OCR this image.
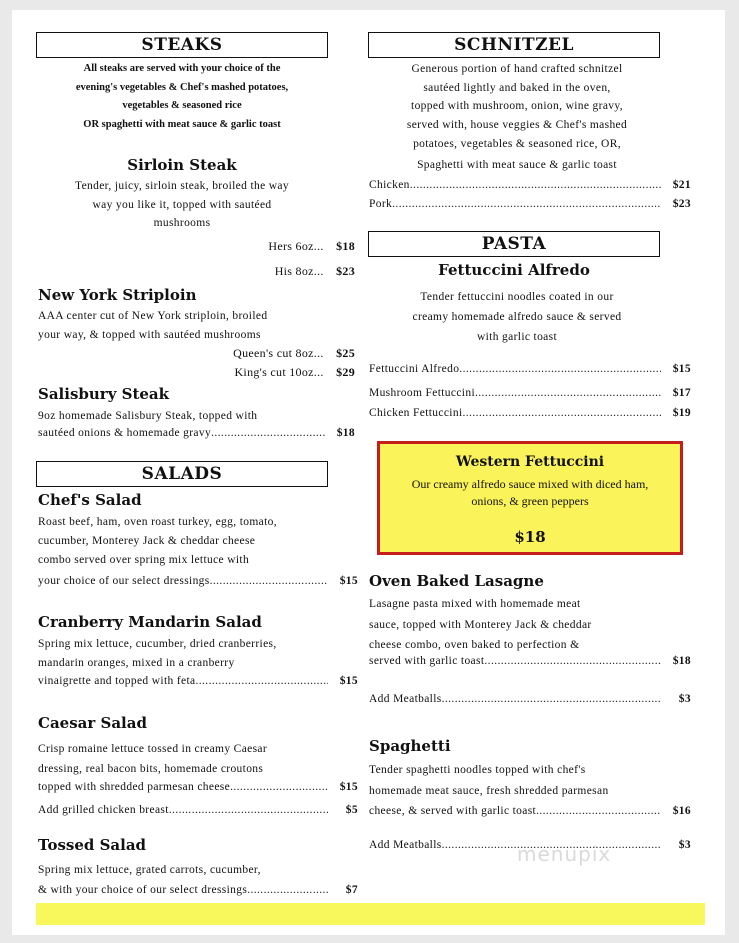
STEAKS
All steaks are served with your choice of the
evening's vegetables & Chef's mashed potatoes,
vegetables & seasoned rice
OR spaghetti with meat sauce & garlic toast
Sirloin Steak
Tender, juicy, sirloin steak, broiled the way
way you like it, topped with sautéed
mushrooms
Hers 6oz... $18
His 8oz... $23
New York Striploin
AAA center cut of New York striploin, broiled
your way, & topped with sautéed mushrooms
Queen's cut 8oz... $25
King's cut 10oz... $29
Salisbury Steak
9oz homemade Salisbury Steak, topped with
sautéed onions & homemade gravy .....	$18
SALADS
Chef's Salad
Roast beef, ham, oven roast turkey, egg, tomato,
cucumber, Monterey Jack & cheddar cheese
combo served over spring mix lettuce with
your choice of our select dressings .....	$15
Cranberry Mandarin Salad
Spring mix lettuce, cucumber, dried cranberries,
mandarin oranges, mixed in a cranberry
vinaigrette and topped with feta .....	$15
Caesar Salad
Crisp romaine lettuce tossed in creamy Caesar
dressing, real bacon bits, homemade croutons
topped with shredded parmesan cheese .....	$15
Add grilled chicken breast .....	$5
Tossed Salad
Spring mix lettuce, grated carrots, cucumber,
& with your choice of our select dressings .....	$7
SCHNITZEL
Generous portion of hand crafted schnitzel
sautéed lightly and baked in the oven,
topped with mushroom, onion, wine gravy,
served with, house veggies & Chef's mashed
potatoes, vegetables & seasoned rice, OR,
Spaghetti with meat sauce & garlic toast
Chicken .....	$21
Pork .....	$23
PASTA
Fettuccini Alfredo
Tender fettuccini noodles coated in our
creamy homemade alfredo sauce & served
with garlic toast
Fettuccini Alfredo .....	$15
Mushroom Fettuccini .....	$17
Chicken Fettuccini .....	$19
Western Fettuccini
Our creamy alfredo sauce mixed with diced ham, onions, & green peppers
$18
Oven Baked Lasagne
Lasagne pasta mixed with homemade meat
sauce, topped with Monterey Jack & cheddar
cheese combo, oven baked to perfection &
served with garlic toast .....	$18
Add Meatballs .....	$3
Spaghetti
Tender spaghetti noodles topped with chef's
homemade meat sauce, fresh shredded parmesan
cheese, & served with garlic toast .....	$16
Add Meatballs .....	$3
menupix
